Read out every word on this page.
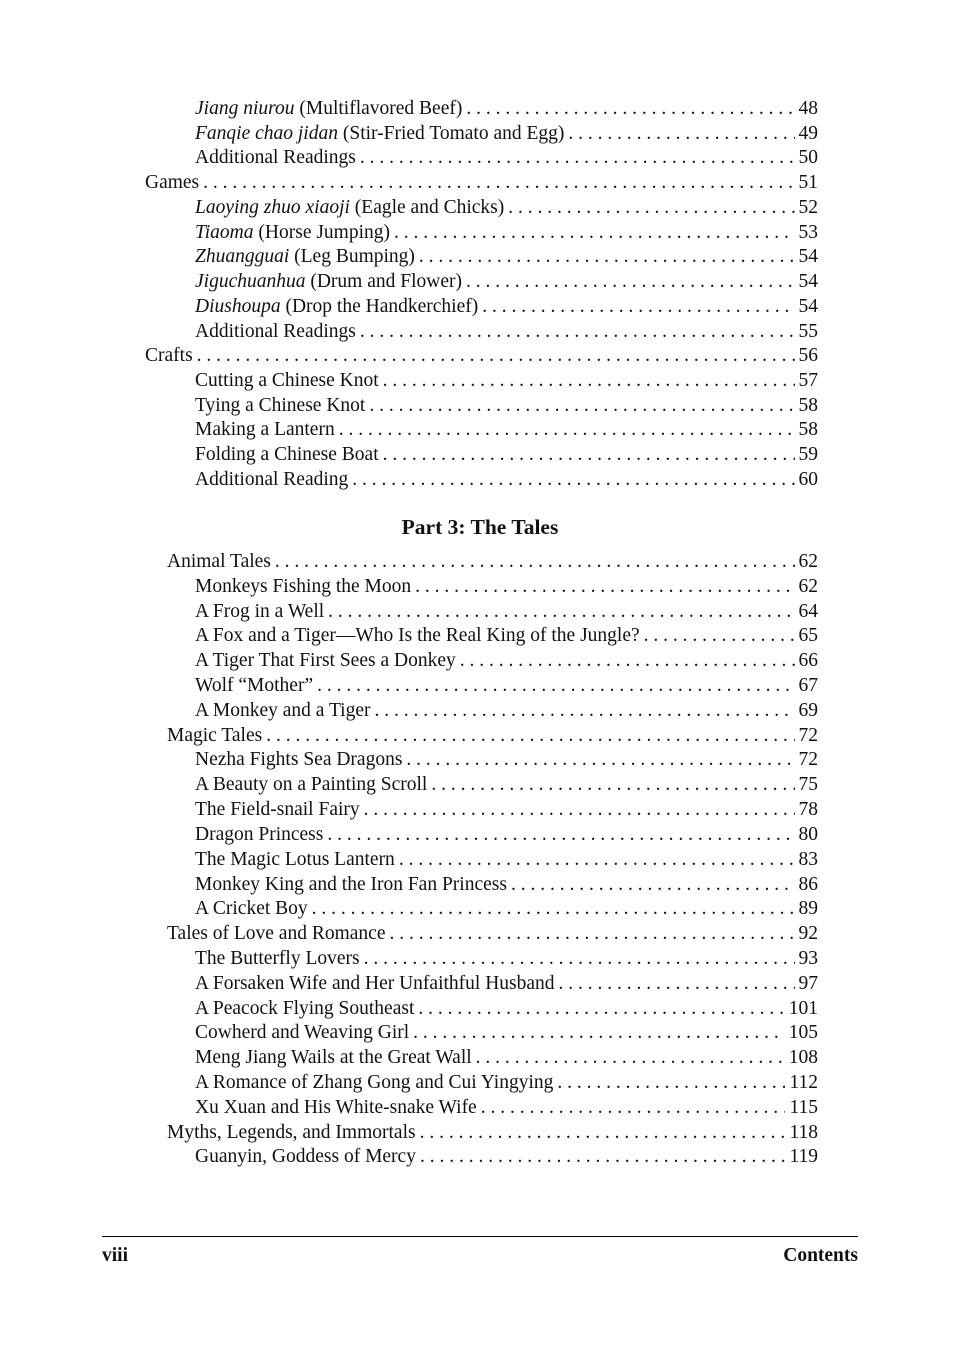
Jiang niurou (Multiflavored Beef) . . .	48
Fanqie chao jidan (Stir-Fried Tomato and Egg) . . .	49
Additional Readings . . .	50
Games . . .	51
Laoying zhuo xiaoji (Eagle and Chicks) . . .	52
Tiaoma (Horse Jumping) . . .	53
Zhuangguai (Leg Bumping) . . .	54
Jiguchuanhua (Drum and Flower) . . .	54
Diushoupa (Drop the Handkerchief) . . .	54
Additional Readings . . .	55
Crafts . . .	56
Cutting a Chinese Knot . . .	57
Tying a Chinese Knot . . .	58
Making a Lantern . . .	58
Folding a Chinese Boat . . .	59
Additional Reading . . .	60
Part 3: The Tales
Animal Tales . . .	62
Monkeys Fishing the Moon . . .	62
A Frog in a Well . . .	64
A Fox and a Tiger—Who Is the Real King of the Jungle? . . .	65
A Tiger That First Sees a Donkey . . .	66
Wolf “Mother” . . .	67
A Monkey and a Tiger . . .	69
Magic Tales . . .	72
Nezha Fights Sea Dragons . . .	72
A Beauty on a Painting Scroll . . .	75
The Field-snail Fairy . . .	78
Dragon Princess . . .	80
The Magic Lotus Lantern . . .	83
Monkey King and the Iron Fan Princess . . .	86
A Cricket Boy . . .	89
Tales of Love and Romance . . .	92
The Butterfly Lovers . . .	93
A Forsaken Wife and Her Unfaithful Husband . . .	97
A Peacock Flying Southeast . . .	101
Cowherd and Weaving Girl . . .	105
Meng Jiang Wails at the Great Wall . . .	108
A Romance of Zhang Gong and Cui Yingying . . .	112
Xu Xuan and His White-snake Wife . . .	115
Myths, Legends, and Immortals . . .	118
Guanyin, Goddess of Mercy . . .	119
viii	Contents
